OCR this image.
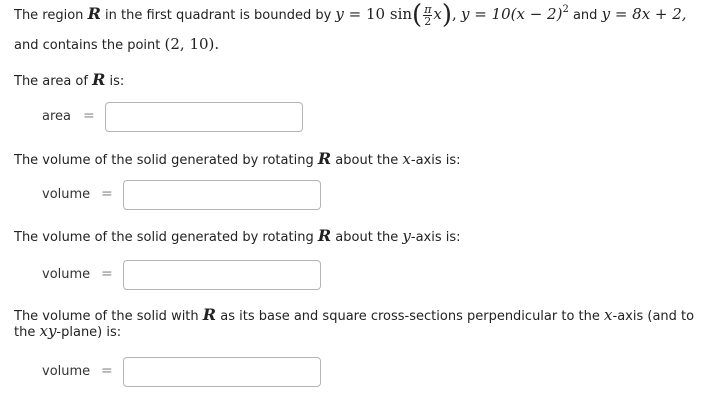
The region R in the first quadrant is bounded by y = 10 $\sin( \frac{\pi}{2} x)$, $y = 10(x - 2)^2$ and y = 8x + 2,
and contains the point (2, 10).
The area of R is:
area =
The volume of the solid generated by rotating R about the x-axis is:
volume =
The volume of the solid generated by rotating R about the y-axis is:
volume =
The volume of the solid with R as its base and square cross-sections perpendicular to the x-axis (and to
the xy-plane) is:
volume =
